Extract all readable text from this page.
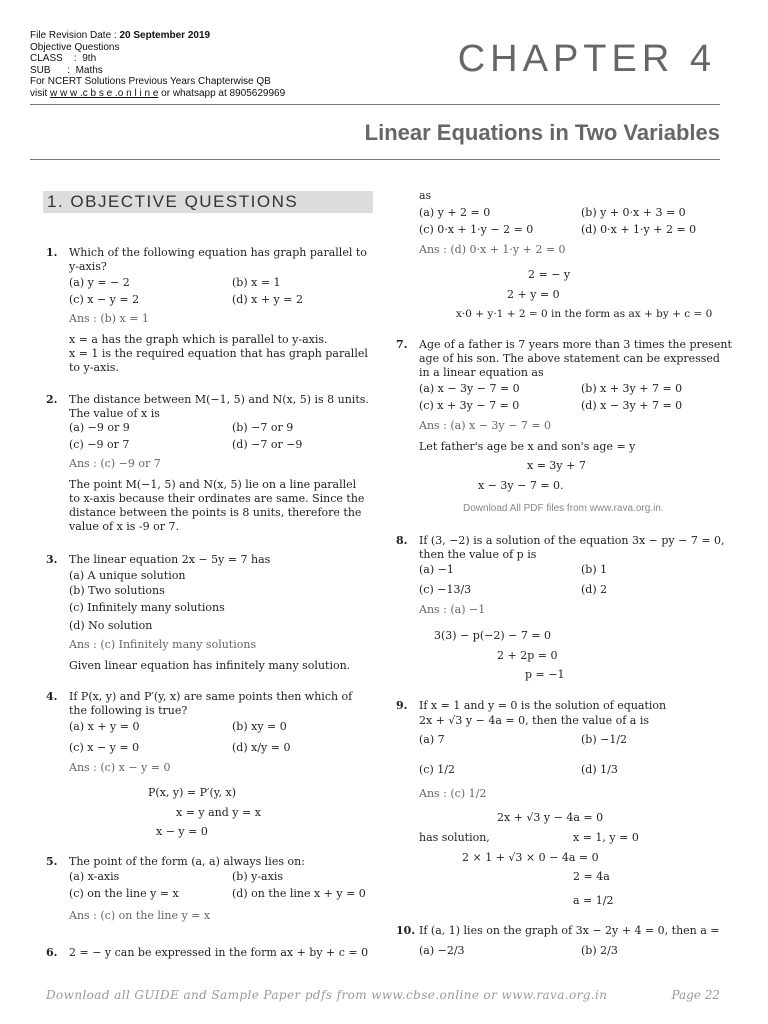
File Revision Date : 20 September 2019
Objective Questions
CLASS    :  9th
SUB      :  Maths
For NCERT Solutions Previous Years Chapterwise QB
visit w w w .c b s e .o n l i n e or whatsapp at 8905629969
CHAPTER 4
Linear Equations in Two Variables
1. OBJECTIVE QUESTIONS
1. Which of the following equation has graph parallel to
y-axis?
(a) y = − 2	(b) x = 1
(c) x − y = 2	(d) x + y = 2
Ans : (b) x = 1
x = a has the graph which is parallel to y-axis.
x = 1 is the required equation that has graph parallel
to y-axis.
2. The distance between M(−1, 5) and N(x, 5) is 8 units.
The value of x is
(a) −9 or 9	(b) −7 or 9
(c) −9 or 7	(d) −7 or −9
Ans : (c) −9 or 7
The point M(−1, 5) and N(x, 5) lie on a line parallel
to x-axis because their ordinates are same. Since the
distance between the points is 8 units, therefore the
value of x is -9 or 7.
3. The linear equation 2x − 5y = 7 has
(a) A unique solution
(b) Two solutions
(c) Infinitely many solutions
(d) No solution
Ans : (c) Infinitely many solutions
Given linear equation has infinitely many solution.
4. If P(x, y) and P′(y, x) are same points then which of
the following is true?
(a) x + y = 0	(b) xy = 0
(c) x − y = 0	(d) x/y = 0
Ans : (c) x − y = 0
P(x, y) = P′(y, x)
x = y and y = x
x − y = 0
5. The point of the form (a, a) always lies on:
(a) x-axis	(b) y-axis
(c) on the line y = x	(d) on the line x + y = 0
Ans : (c) on the line y = x
6. 2 = − y can be expressed in the form ax + by + c = 0
as
(a) y + 2 = 0	(b) y + 0·x + 3 = 0
(c) 0·x + 1·y − 2 = 0	(d) 0·x + 1·y + 2 = 0
Ans : (d) 0·x + 1·y + 2 = 0
2 = − y
2 + y = 0
x·0 + y·1 + 2 = 0 in the form as ax + by + c = 0
7. Age of a father is 7 years more than 3 times the present
age of his son. The above statement can be expressed
in a linear equation as
(a) x − 3y − 7 = 0	(b) x + 3y + 7 = 0
(c) x + 3y − 7 = 0	(d) x − 3y + 7 = 0
Ans : (a) x − 3y − 7 = 0
Let father's age be x and son's age = y
x = 3y + 7
x − 3y − 7 = 0.
Download All PDF files from www.rava.org.in.
8. If (3, −2) is a solution of the equation 3x − py − 7 = 0,
then the value of p is
(a) −1	(b) 1
(c) −13/3	(d) 2
Ans : (a) −1
3(3) − p(−2) − 7 = 0
2 + 2p = 0
p = −1
9. If x = 1 and y = 0 is the solution of equation
2x + √3 y − 4a = 0, then the value of a is
(a) 7	(b) −1/2
(c) 1/2	(d) 1/3
Ans : (c) 1/2
2x + √3 y − 4a = 0
has solution,	x = 1, y = 0
2 × 1 + √3 × 0 − 4a = 0
2 = 4a
a = 1/2
10. If (a, 1) lies on the graph of 3x − 2y + 4 = 0, then a =
(a) −2/3	(b) 2/3
Download all GUIDE and Sample Paper pdfs from www.cbse.online or www.rava.org.in	Page 22
